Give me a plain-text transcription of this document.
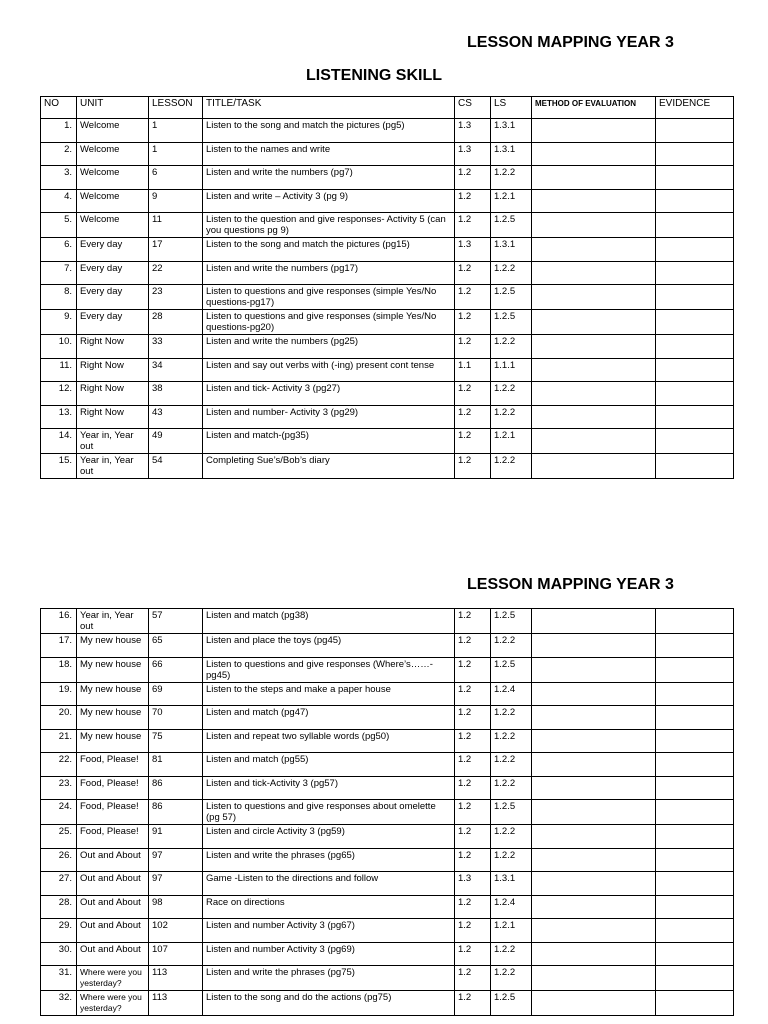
LESSON MAPPING YEAR 3
LISTENING SKILL
NO	UNIT	LESSON	TITLE/TASK	CS	LS	METHOD OF EVALUATION	EVIDENCE
1.	Welcome	1	Listen to the song and match the pictures (pg5)	1.3	1.3.1		
2.	Welcome	1	Listen to the names and write	1.3	1.3.1		
3.	Welcome	6	Listen and write the numbers (pg7)	1.2	1.2.2		
4.	Welcome	9	Listen and write – Activity 3 (pg 9)	1.2	1.2.1		
5.	Welcome	11	Listen to the question and give responses- Activity 5 (can you questions pg 9)	1.2	1.2.5		
6.	Every day	17	Listen to the song and match the pictures (pg15)	1.3	1.3.1		
7.	Every day	22	Listen and write the numbers (pg17)	1.2	1.2.2		
8.	Every day	23	Listen to questions and give responses (simple Yes/No questions-pg17)	1.2	1.2.5		
9.	Every day	28	Listen to questions and give responses (simple Yes/No questions-pg20)	1.2	1.2.5		
10.	Right Now	33	Listen and write the numbers (pg25)	1.2	1.2.2		
11.	Right Now	34	Listen and say out verbs with (-ing) present cont tense	1.1	1.1.1		
12.	Right Now	38	Listen and tick- Activity 3 (pg27)	1.2	1.2.2		
13.	Right Now	43	Listen and number- Activity 3 (pg29)	1.2	1.2.2		
14.	Year in, Year out	49	Listen and match-(pg35)	1.2	1.2.1		
15.	Year in, Year out	54	Completing Sue’s/Bob’s diary	1.2	1.2.2		
LESSON MAPPING YEAR 3
16.	Year in, Year out	57	Listen and match (pg38)	1.2	1.2.5		
17.	My new house	65	Listen and place the toys (pg45)	1.2	1.2.2		
18.	My new house	66	Listen to questions and give responses (Where’s……-pg45)	1.2	1.2.5		
19.	My new house	69	Listen to the steps and make a paper house	1.2	1.2.4		
20.	My new house	70	Listen and match (pg47)	1.2	1.2.2		
21.	My new house	75	Listen and repeat two syllable words (pg50)	1.2	1.2.2		
22.	Food, Please!	81	Listen and match (pg55)	1.2	1.2.2		
23.	Food, Please!	86	Listen and tick-Activity 3 (pg57)	1.2	1.2.2		
24.	Food, Please!	86	Listen to questions and give responses about omelette (pg 57)	1.2	1.2.5		
25.	Food, Please!	91	Listen and circle Activity 3 (pg59)	1.2	1.2.2		
26.	Out and About	97	Listen and write the phrases (pg65)	1.2	1.2.2		
27.	Out and About	97	Game -Listen to the directions and follow	1.3	1.3.1		
28.	Out and About	98	Race on directions	1.2	1.2.4		
29.	Out and About	102	Listen and number Activity 3 (pg67)	1.2	1.2.1		
30.	Out and About	107	Listen and number Activity 3 (pg69)	1.2	1.2.2		
31.	Where were you yesterday?	113	Listen and write the phrases (pg75)	1.2	1.2.2		
32.	Where were you yesterday?	113	Listen to the song and do the actions (pg75)	1.2	1.2.5		
